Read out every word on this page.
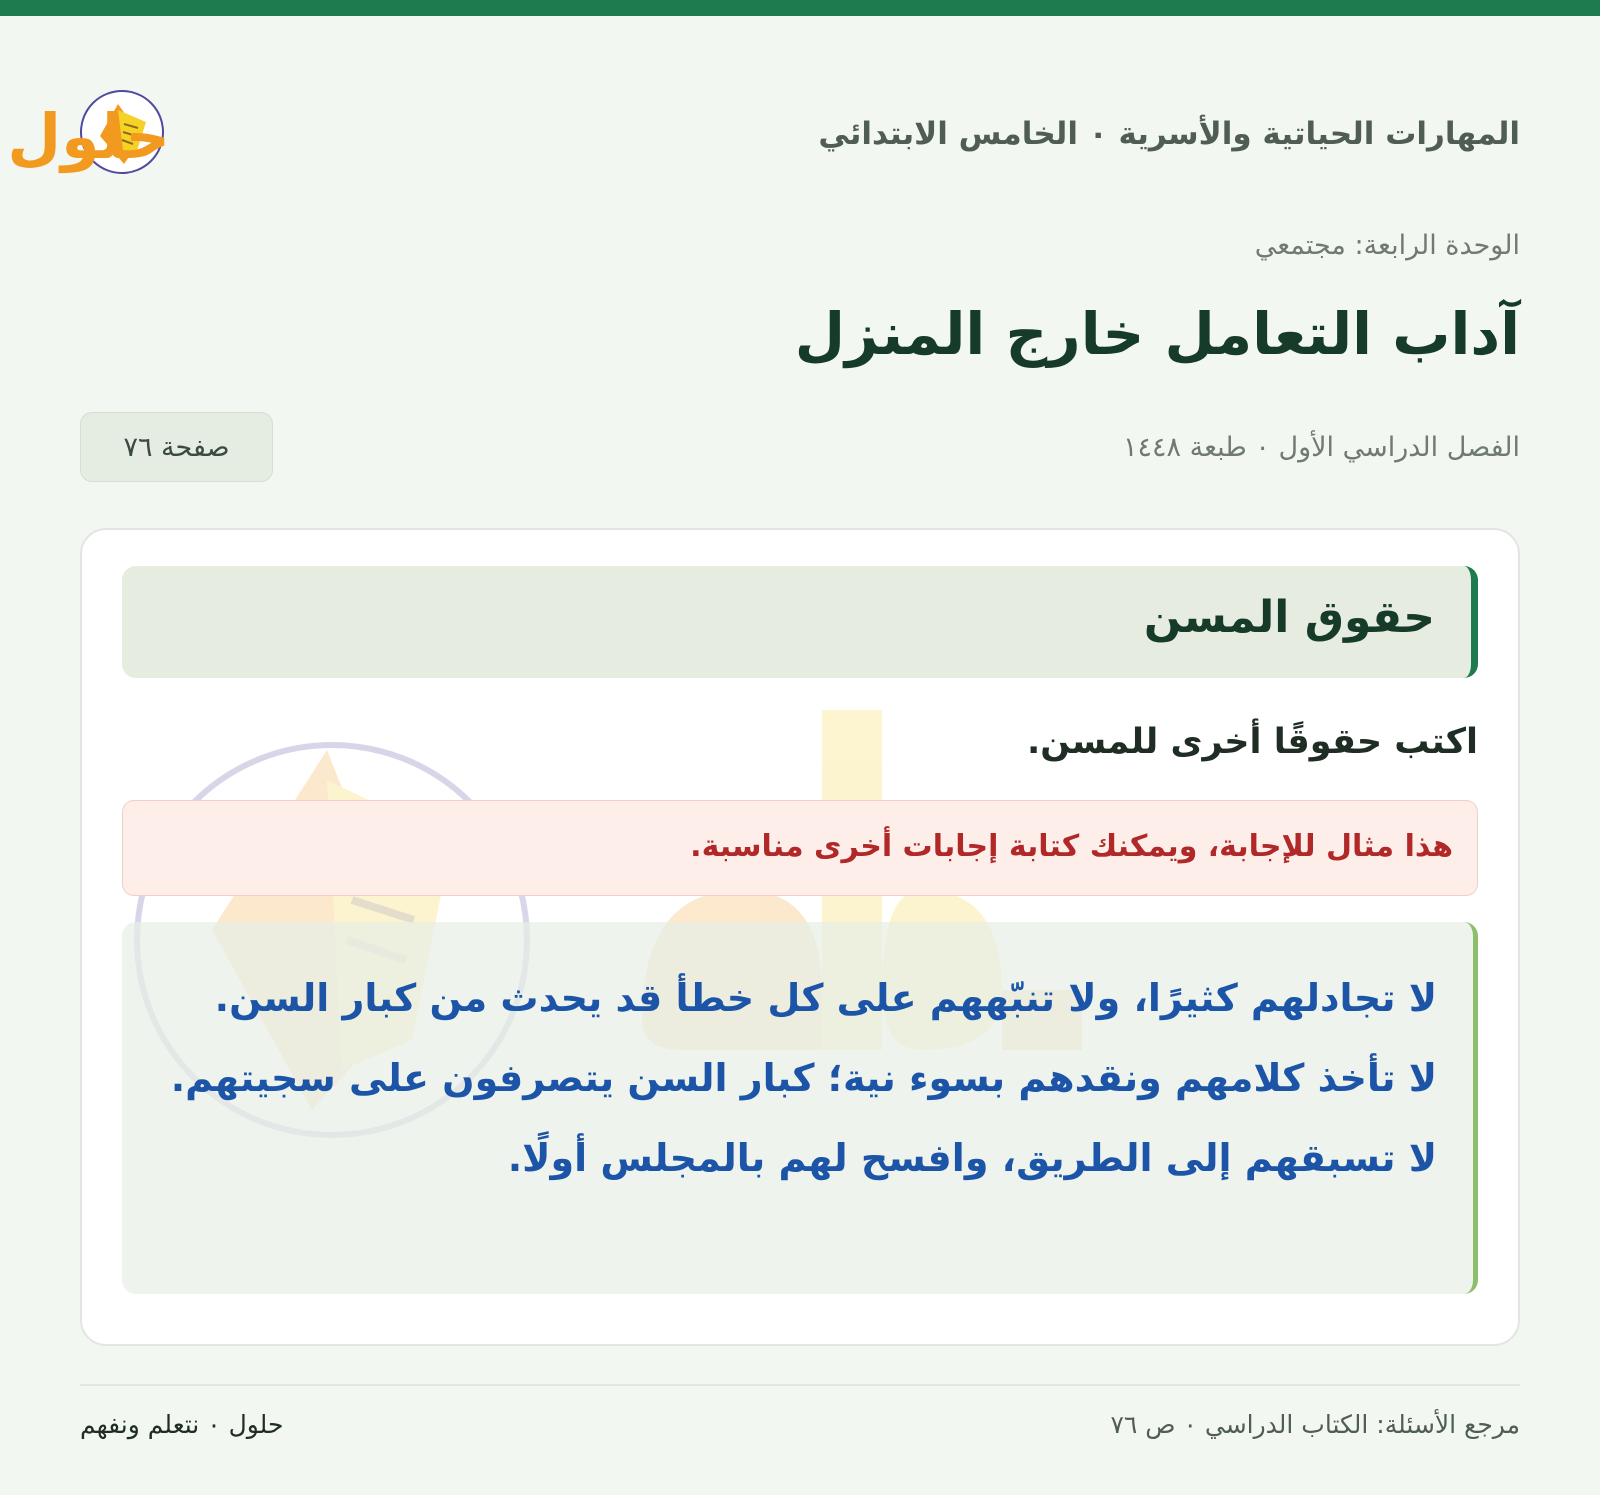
المهارات الحياتية والأسرية ٠ الخامس الابتدائي
حلول
الوحدة الرابعة: مجتمعي
آداب التعامل خارج المنزل
الفصل الدراسي الأول ٠ طبعة ١٤٤٨
صفحة ٧٦
حقوق المسن
اكتب حقوقًا أخرى للمسن.
هذا مثال للإجابة، ويمكنك كتابة إجابات أخرى مناسبة.
لا تجادلهم كثيرًا، ولا تنبّههم على كل خطأ قد يحدث من كبار السن.
لا تأخذ كلامهم ونقدهم بسوء نية؛ كبار السن يتصرفون على سجيتهم.
لا تسبقهم إلى الطريق، وافسح لهم بالمجلس أولًا.
مرجع الأسئلة: الكتاب الدراسي ٠ ص ٧٦
حلول ٠ نتعلم ونفهم
